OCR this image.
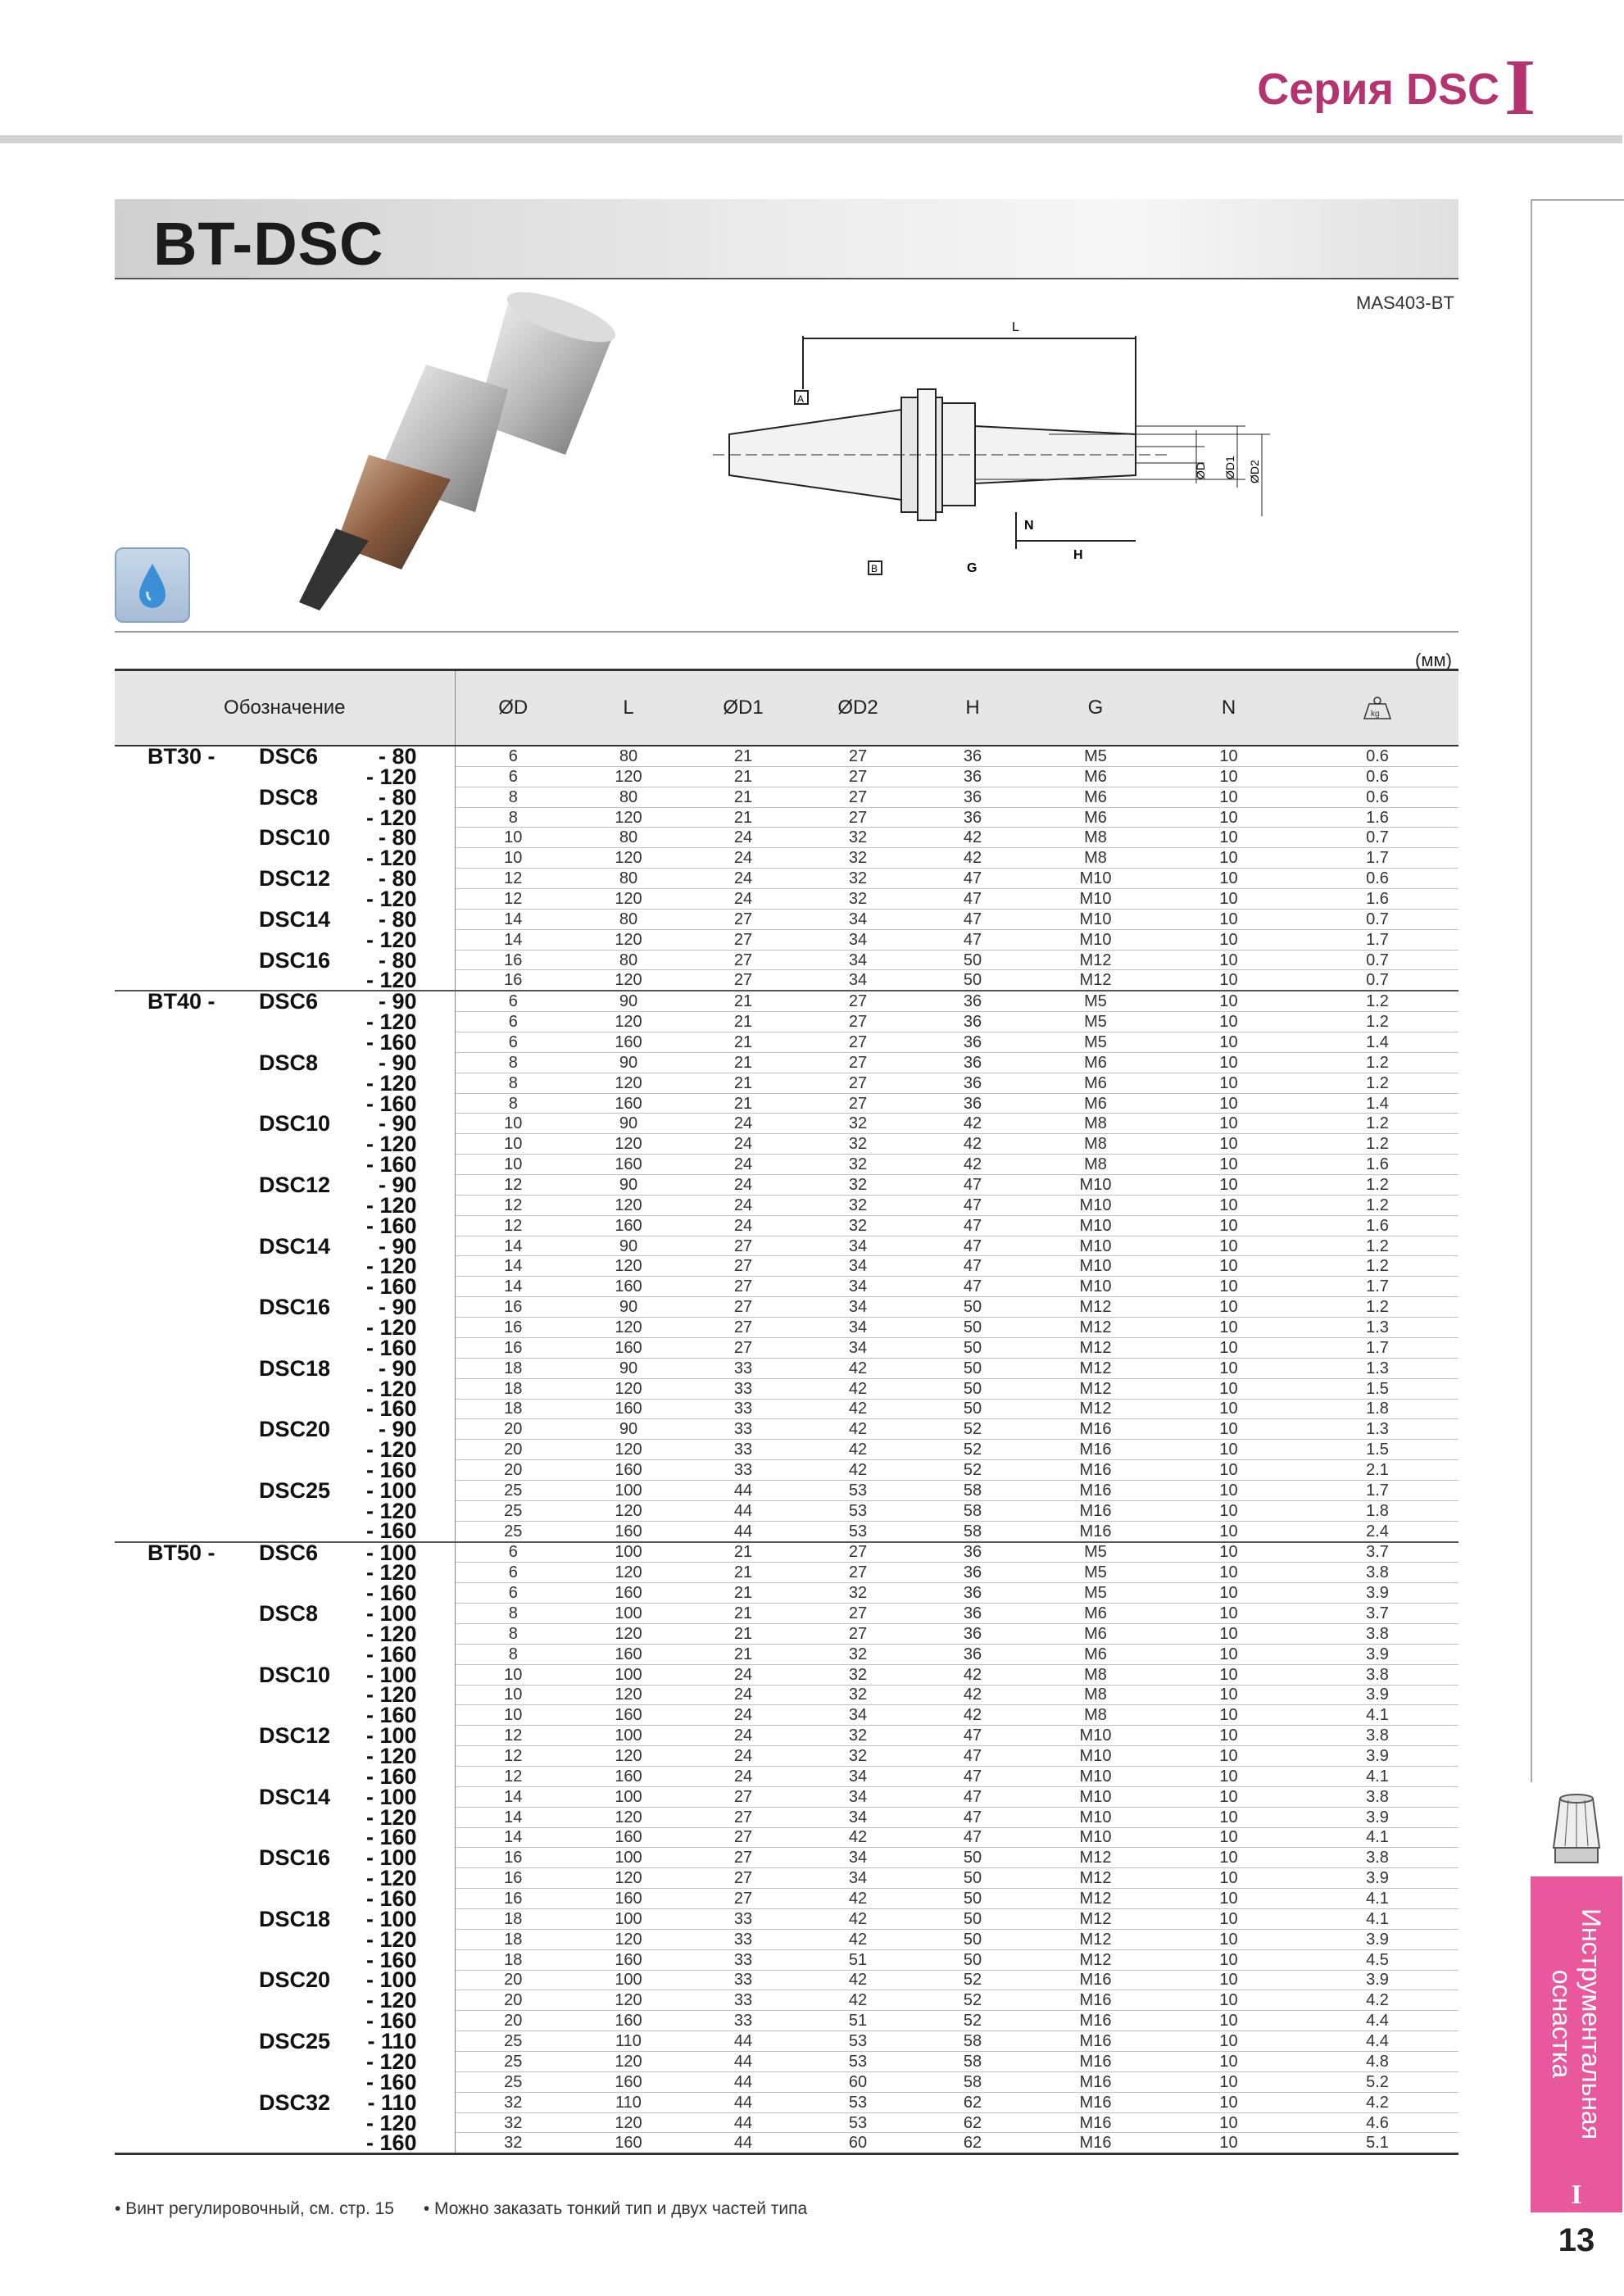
Серия DSC I
BT-DSC
MAS403-BT
L
A
B
N
G
H
ØD ØD1 ØD2
(мм)
Обозначение			ØD	L	ØD1	ØD2	H	G	N	kg

BT30 -	DSC6	- 80	6	80	21	27	36	M5	10	0.6
		- 120	6	120	21	27	36	M6	10	0.6
	DSC8	- 80	8	80	21	27	36	M6	10	0.6
		- 120	8	120	21	27	36	M6	10	1.6
	DSC10	- 80	10	80	24	32	42	M8	10	0.7
		- 120	10	120	24	32	42	M8	10	1.7
	DSC12	- 80	12	80	24	32	47	M10	10	0.6
		- 120	12	120	24	32	47	M10	10	1.6
	DSC14	- 80	14	80	27	34	47	M10	10	0.7
		- 120	14	120	27	34	47	M10	10	1.7
	DSC16	- 80	16	80	27	34	50	M12	10	0.7
		- 120	16	120	27	34	50	M12	10	0.7
BT40 -	DSC6	- 90	6	90	21	27	36	M5	10	1.2
		- 120	6	120	21	27	36	M5	10	1.2
		- 160	6	160	21	27	36	M5	10	1.4
	DSC8	- 90	8	90	21	27	36	M6	10	1.2
		- 120	8	120	21	27	36	M6	10	1.2
		- 160	8	160	21	27	36	M6	10	1.4
	DSC10	- 90	10	90	24	32	42	M8	10	1.2
		- 120	10	120	24	32	42	M8	10	1.2
		- 160	10	160	24	32	42	M8	10	1.6
	DSC12	- 90	12	90	24	32	47	M10	10	1.2
		- 120	12	120	24	32	47	M10	10	1.2
		- 160	12	160	24	32	47	M10	10	1.6
	DSC14	- 90	14	90	27	34	47	M10	10	1.2
		- 120	14	120	27	34	47	M10	10	1.2
		- 160	14	160	27	34	47	M10	10	1.7
	DSC16	- 90	16	90	27	34	50	M12	10	1.2
		- 120	16	120	27	34	50	M12	10	1.3
		- 160	16	160	27	34	50	M12	10	1.7
	DSC18	- 90	18	90	33	42	50	M12	10	1.3
		- 120	18	120	33	42	50	M12	10	1.5
		- 160	18	160	33	42	50	M12	10	1.8
	DSC20	- 90	20	90	33	42	52	M16	10	1.3
		- 120	20	120	33	42	52	M16	10	1.5
		- 160	20	160	33	42	52	M16	10	2.1
	DSC25	- 100	25	100	44	53	58	M16	10	1.7
		- 120	25	120	44	53	58	M16	10	1.8
		- 160	25	160	44	53	58	M16	10	2.4
BT50 -	DSC6	- 100	6	100	21	27	36	M5	10	3.7
		- 120	6	120	21	27	36	M5	10	3.8
		- 160	6	160	21	32	36	M5	10	3.9
	DSC8	- 100	8	100	21	27	36	M6	10	3.7
		- 120	8	120	21	27	36	M6	10	3.8
		- 160	8	160	21	32	36	M6	10	3.9
	DSC10	- 100	10	100	24	32	42	M8	10	3.8
		- 120	10	120	24	32	42	M8	10	3.9
		- 160	10	160	24	34	42	M8	10	4.1
	DSC12	- 100	12	100	24	32	47	M10	10	3.8
		- 120	12	120	24	32	47	M10	10	3.9
		- 160	12	160	24	34	47	M10	10	4.1
	DSC14	- 100	14	100	27	34	47	M10	10	3.8
		- 120	14	120	27	34	47	M10	10	3.9
		- 160	14	160	27	42	47	M10	10	4.1
	DSC16	- 100	16	100	27	34	50	M12	10	3.8
		- 120	16	120	27	34	50	M12	10	3.9
		- 160	16	160	27	42	50	M12	10	4.1
	DSC18	- 100	18	100	33	42	50	M12	10	4.1
		- 120	18	120	33	42	50	M12	10	3.9
		- 160	18	160	33	51	50	M12	10	4.5
	DSC20	- 100	20	100	33	42	52	M16	10	3.9
		- 120	20	120	33	42	52	M16	10	4.2
		- 160	20	160	33	51	52	M16	10	4.4
	DSC25	- 110	25	110	44	53	58	M16	10	4.4
		- 120	25	120	44	53	58	M16	10	4.8
		- 160	25	160	44	60	58	M16	10	5.2
	DSC32	- 110	32	110	44	53	62	M16	10	4.2
		- 120	32	120	44	53	62	M16	10	4.6
		- 160	32	160	44	60	62	M16	10	5.1
• Винт регулировочный, см. стр. 15 • Можно заказать тонкий тип и двух частей типа
Инструментальная
оснастка
I
13
